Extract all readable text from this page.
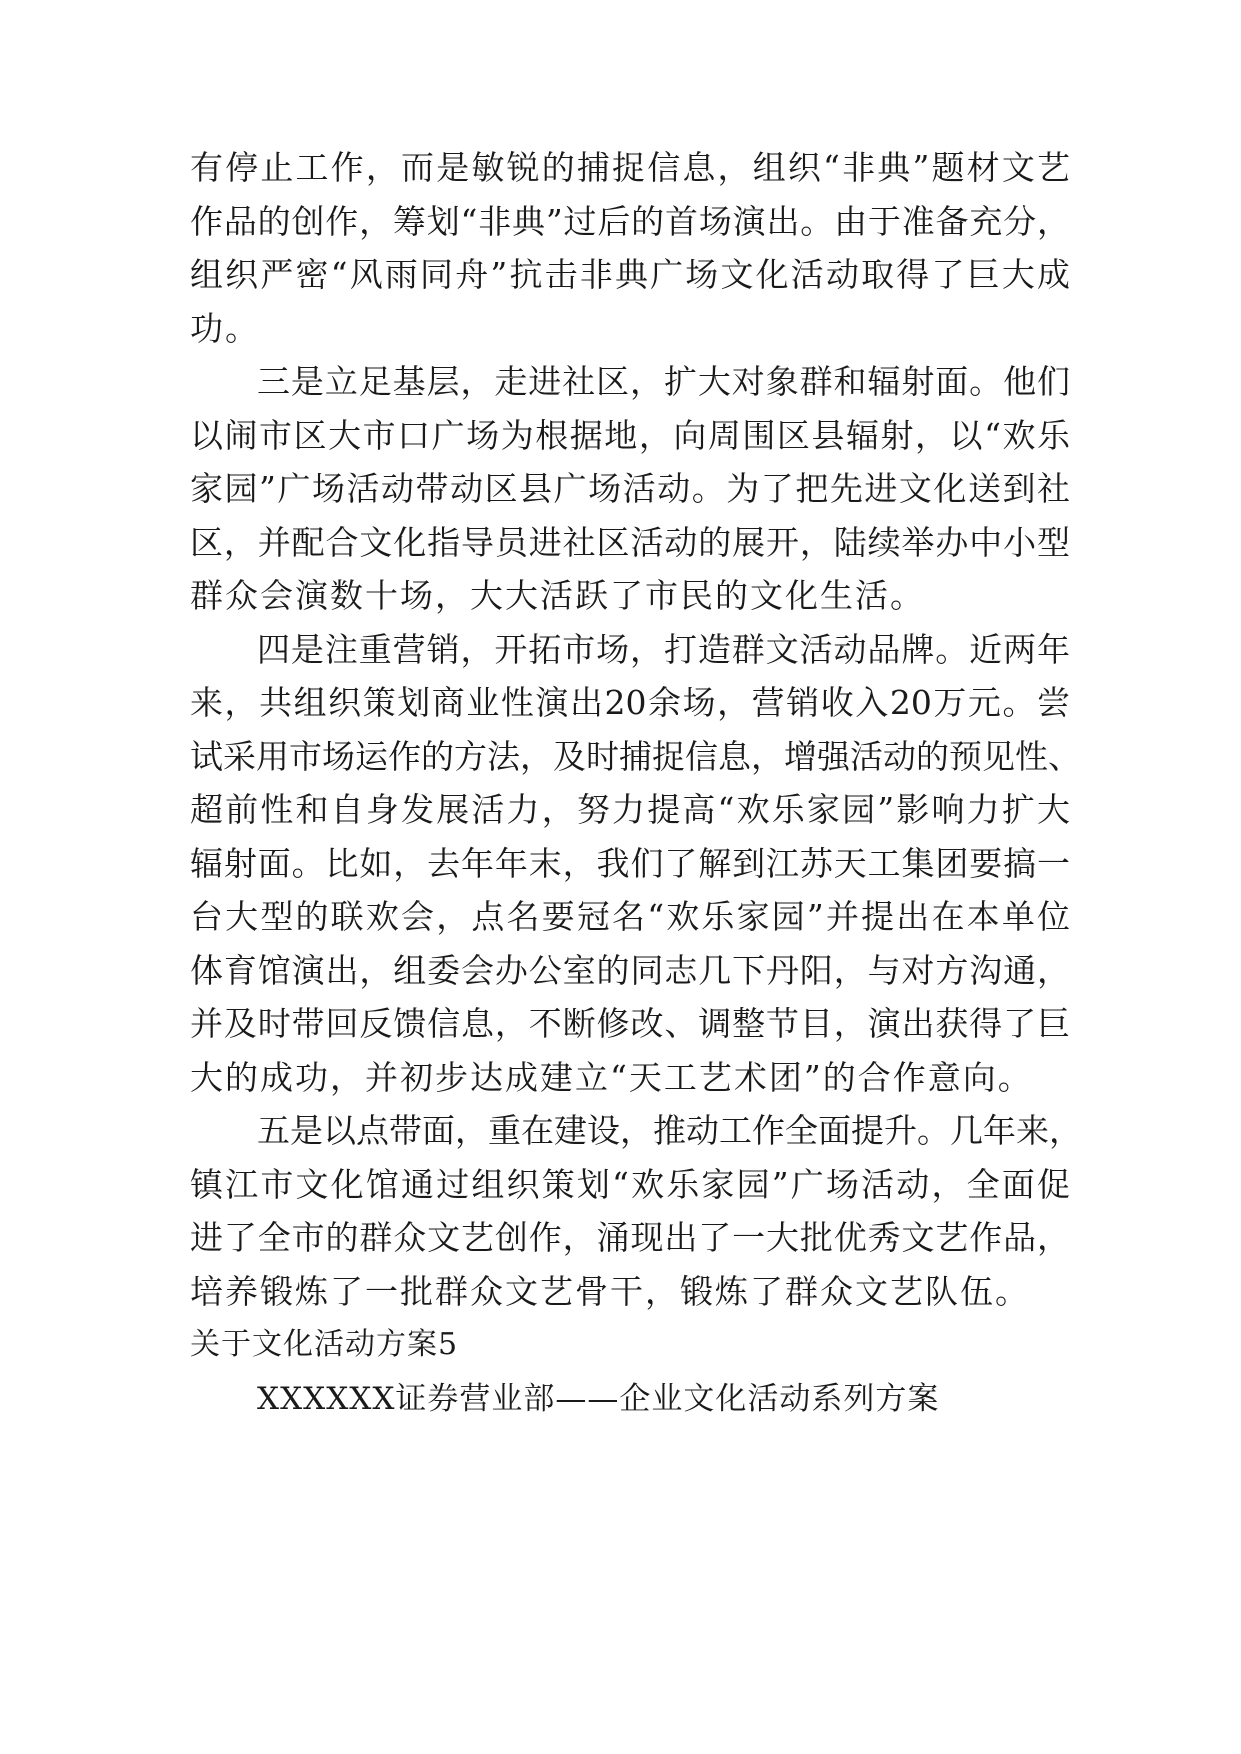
有停止工作，而是敏锐的捕捉信息，组织“非典”题材文艺
作品的创作，筹划“非典”过后的首场演出。由于准备充分，
组织严密“风雨同舟”抗击非典广场文化活动取得了巨大成
功。
三是立足基层，走进社区，扩大对象群和辐射面。他们
以闹市区大市口广场为根据地，向周围区县辐射，以“欢乐
家园”广场活动带动区县广场活动。为了把先进文化送到社
区，并配合文化指导员进社区活动的展开，陆续举办中小型
群众会演数十场，大大活跃了市民的文化生活。
四是注重营销，开拓市场，打造群文活动品牌。近两年
来，共组织策划商业性演出20余场，营销收入20万元。尝
试采用市场运作的方法，及时捕捉信息，增强活动的预见性、
超前性和自身发展活力，努力提高“欢乐家园”影响力扩大
辐射面。比如，去年年末，我们了解到江苏天工集团要搞一
台大型的联欢会，点名要冠名“欢乐家园”并提出在本单位
体育馆演出，组委会办公室的同志几下丹阳，与对方沟通，
并及时带回反馈信息，不断修改、调整节目，演出获得了巨
大的成功，并初步达成建立“天工艺术团”的合作意向。
五是以点带面，重在建设，推动工作全面提升。几年来，
镇江市文化馆通过组织策划“欢乐家园”广场活动，全面促
进了全市的群众文艺创作，涌现出了一大批优秀文艺作品，
培养锻炼了一批群众文艺骨干，锻炼了群众文艺队伍。
关于文化活动方案5
XXXXXX证券营业部——企业文化活动系列方案
